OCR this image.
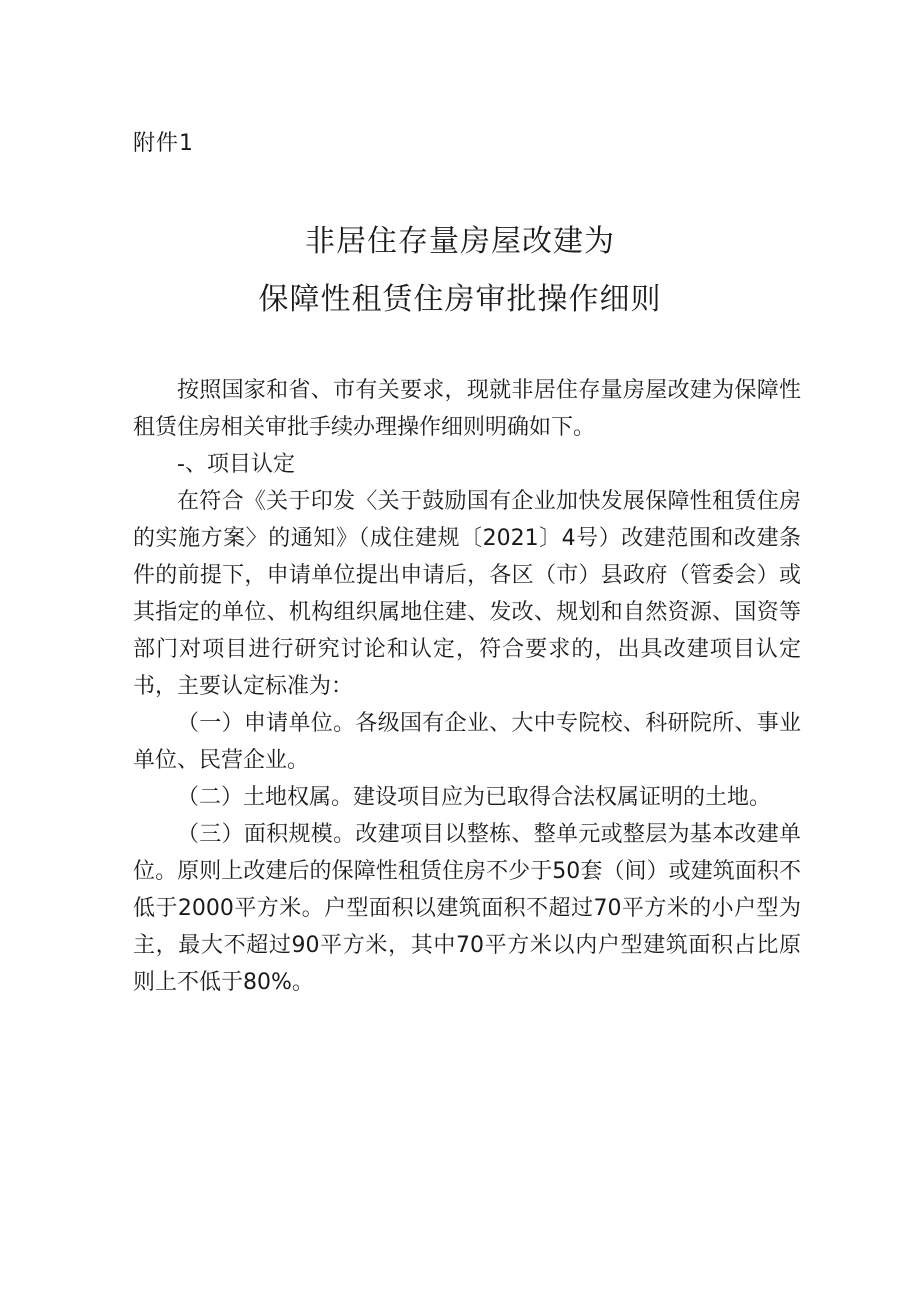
附件1
非居住存量房屋改建为
保障性租赁住房审批操作细则

按照国家和省、市有关要求，现就非居住存量房屋改建为保障性租赁住房相关审批手续办理操作细则明确如下。

-、项目认定

在符合《关于印发〈关于鼓励国有企业加快发展保障性租赁住房的实施方案〉的通知》（成住建规〔2021〕4号）改建范围和改建条件的前提下，申请单位提出申请后，各区（市）县政府（管委会）或其指定的单位、机构组织属地住建、发改、规划和自然资源、国资等部门对项目进行研究讨论和认定，符合要求的，出具改建项目认定书，主要认定标准为：

（一）申请单位。各级国有企业、大中专院校、科研院所、事业单位、民营企业。

（二）土地权属。建设项目应为已取得合法权属证明的土地。

（三）面积规模。改建项目以整栋、整单元或整层为基本改建单位。原则上改建后的保障性租赁住房不少于50套（间）或建筑面积不低于2000平方米。户型面积以建筑面积不超过70平方米的小户型为主，最大不超过90平方米，其中70平方米以内户型建筑面积占比原则上不低于80%。
